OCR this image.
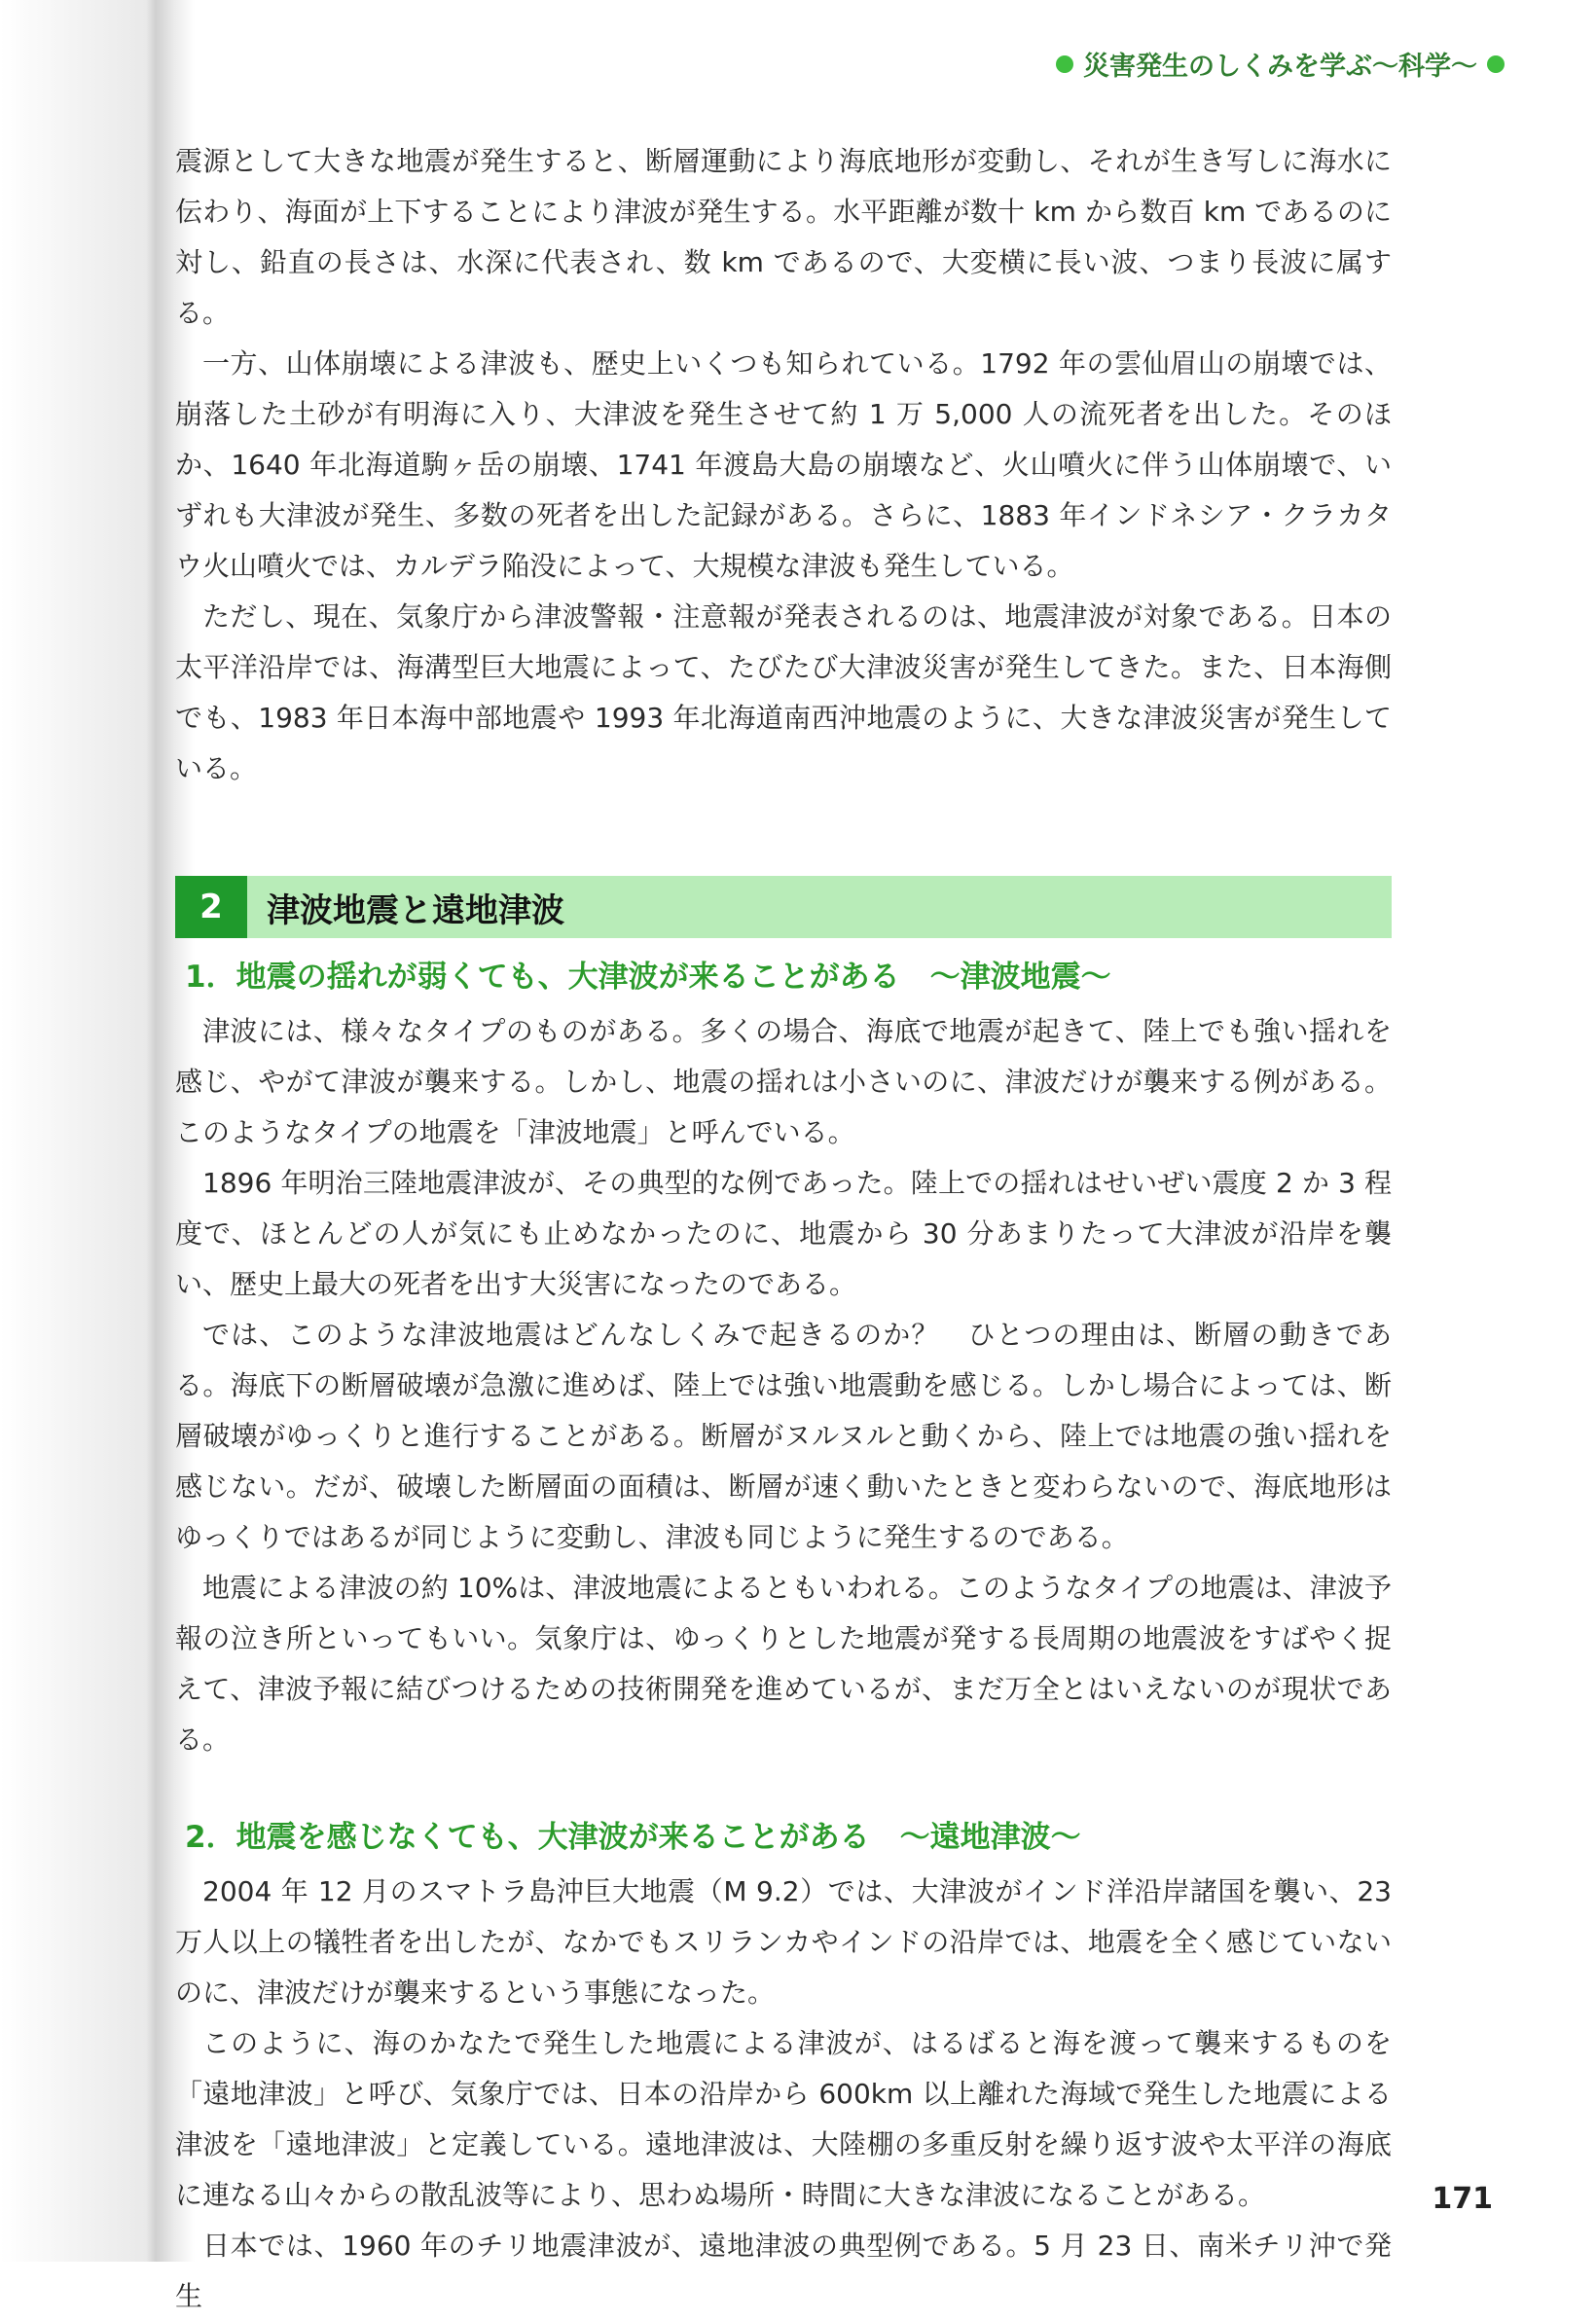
災害発生のしくみを学ぶ〜科学〜

震源として大きな地震が発生すると、断層運動により海底地形が変動し、それが生き写しに海水に伝わり、海面が上下することにより津波が発生する。水平距離が数十 km から数百 km であるのに対し、鉛直の長さは、水深に代表され、数 km であるので、大変横に長い波、つまり長波に属する。

一方、山体崩壊による津波も、歴史上いくつも知られている。1792 年の雲仙眉山の崩壊では、崩落した土砂が有明海に入り、大津波を発生させて約 1 万 5,000 人の流死者を出した。そのほか、1640 年北海道駒ヶ岳の崩壊、1741 年渡島大島の崩壊など、火山噴火に伴う山体崩壊で、いずれも大津波が発生、多数の死者を出した記録がある。さらに、1883 年インドネシア・クラカタウ火山噴火では、カルデラ陥没によって、大規模な津波も発生している。

ただし、現在、気象庁から津波警報・注意報が発表されるのは、地震津波が対象である。日本の太平洋沿岸では、海溝型巨大地震によって、たびたび大津波災害が発生してきた。また、日本海側でも、1983 年日本海中部地震や 1993 年北海道南西沖地震のように、大きな津波災害が発生している。

2	津波地震と遠地津波
1．地震の揺れが弱くても、大津波が来ることがある　〜津波地震〜

津波には、様々なタイプのものがある。多くの場合、海底で地震が起きて、陸上でも強い揺れを感じ、やがて津波が襲来する。しかし、地震の揺れは小さいのに、津波だけが襲来する例がある。このようなタイプの地震を「津波地震」と呼んでいる。

1896 年明治三陸地震津波が、その典型的な例であった。陸上での揺れはせいぜい震度 2 か 3 程度で、ほとんどの人が気にも止めなかったのに、地震から 30 分あまりたって大津波が沿岸を襲い、歴史上最大の死者を出す大災害になったのである。

では、このような津波地震はどんなしくみで起きるのか？　ひとつの理由は、断層の動きである。海底下の断層破壊が急激に進めば、陸上では強い地震動を感じる。しかし場合によっては、断層破壊がゆっくりと進行することがある。断層がヌルヌルと動くから、陸上では地震の強い揺れを感じない。だが、破壊した断層面の面積は、断層が速く動いたときと変わらないので、海底地形はゆっくりではあるが同じように変動し、津波も同じように発生するのである。

地震による津波の約 10%は、津波地震によるともいわれる。このようなタイプの地震は、津波予報の泣き所といってもいい。気象庁は、ゆっくりとした地震が発する長周期の地震波をすばやく捉えて、津波予報に結びつけるための技術開発を進めているが、まだ万全とはいえないのが現状である。

2．地震を感じなくても、大津波が来ることがある　〜遠地津波〜

2004 年 12 月のスマトラ島沖巨大地震（M 9.2）では、大津波がインド洋沿岸諸国を襲い、23 万人以上の犠牲者を出したが、なかでもスリランカやインドの沿岸では、地震を全く感じていないのに、津波だけが襲来するという事態になった。

このように、海のかなたで発生した地震による津波が、はるばると海を渡って襲来するものを「遠地津波」と呼び、気象庁では、日本の沿岸から 600km 以上離れた海域で発生した地震による津波を「遠地津波」と定義している。遠地津波は、大陸棚の多重反射を繰り返す波や太平洋の海底に連なる山々からの散乱波等により、思わぬ場所・時間に大きな津波になることがある。

日本では、1960 年のチリ地震津波が、遠地津波の典型例である。5 月 23 日、南米チリ沖で発生

171
